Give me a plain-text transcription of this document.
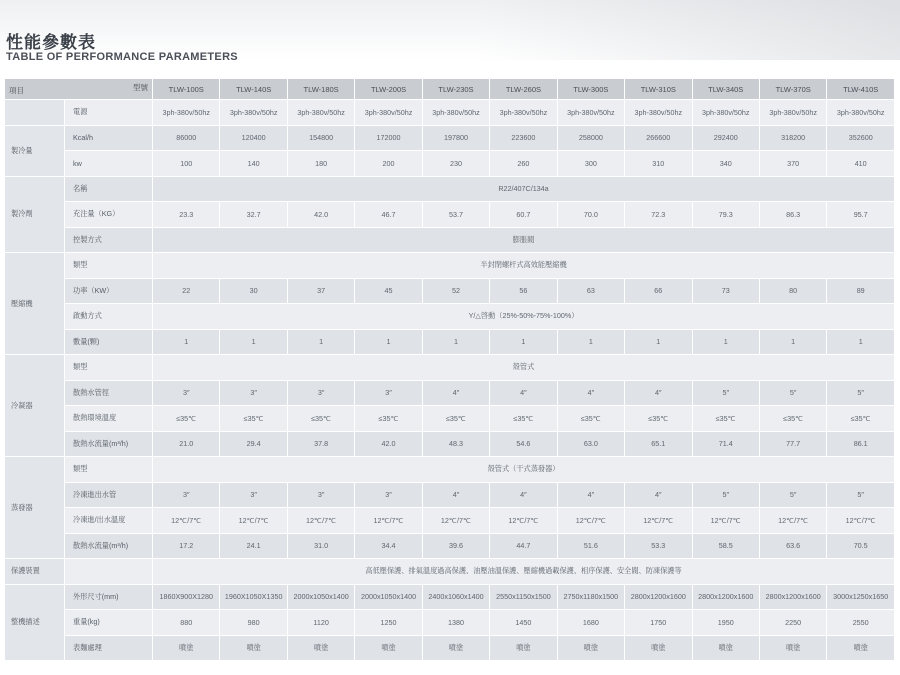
性能參數表
TABLE OF PERFORMANCE PARAMETERS
項目 型號		TLW-100S	TLW-140S	TLW-180S	TLW-200S	TLW-230S	TLW-260S	TLW-300S	TLW-310S	TLW-340S	TLW-370S	TLW-410S
	電源	3ph-380v/50hz	3ph-380v/50hz	3ph-380v/50hz	3ph-380v/50hz	3ph-380v/50hz	3ph-380v/50hz	3ph-380v/50hz	3ph-380v/50hz	3ph-380v/50hz	3ph-380v/50hz	3ph-380v/50hz
製冷量	Kcal/h	86000	120400	154800	172000	197800	223600	258000	266600	292400	318200	352600
	kw	100	140	180	200	230	260	300	310	340	370	410
製冷劑	名稱	R22/407C/134a										
	充注量（KG）	23.3	32.7	42.0	46.7	53.7	60.7	70.0	72.3	79.3	86.3	95.7
	控製方式	膨脹閥										
壓縮機	類型	半封閉螺杆式高效能壓縮機										
	功率（KW）	22	30	37	45	52	56	63	66	73	80	89
	啟動方式	Y/△啓動（25%-50%-75%-100%）										
	數量(顆)	1	1	1	1	1	1	1	1	1	1	1
冷凝器	類型	殼管式										
	散熱水管徑	3″	3″	3″	3″	4″	4″	4″	4″	5″	5″	5″
	散熱環境溫度	≤35℃	≤35℃	≤35℃	≤35℃	≤35℃	≤35℃	≤35℃	≤35℃	≤35℃	≤35℃	≤35℃
	散熱水流量(m³/h)	21.0	29.4	37.8	42.0	48.3	54.6	63.0	65.1	71.4	77.7	86.1
蒸發器	類型	殼管式（干式蒸發器）										
	冷凍進出水管	3″	3″	3″	3″	4″	4″	4″	4″	5″	5″	5″
	冷凍進/出水溫度	12℃/7℃	12℃/7℃	12℃/7℃	12℃/7℃	12℃/7℃	12℃/7℃	12℃/7℃	12℃/7℃	12℃/7℃	12℃/7℃	12℃/7℃
	散熱水流量(m³/h)	17.2	24.1	31.0	34.4	39.6	44.7	51.6	53.3	58.5	63.6	70.5
保護裝置		高低壓保護、排氣溫度過高保護、油壓油溫保護、壓縮機過載保護、相序保護、安全閥、防凍保護等										
整機描述	外形尺寸(mm)	1860X900X1280	1960X1050X1350	2000x1050x1400	2000x1050x1400	2400x1060x1400	2550x1150x1500	2750x1180x1500	2800x1200x1600	2800x1200x1600	2800x1200x1600	3000x1250x1650
	重量(kg)	880	980	1120	1250	1380	1450	1680	1750	1950	2250	2550
	表麵處理	噴塗	噴塗	噴塗	噴塗	噴塗	噴塗	噴塗	噴塗	噴塗	噴塗	噴塗
